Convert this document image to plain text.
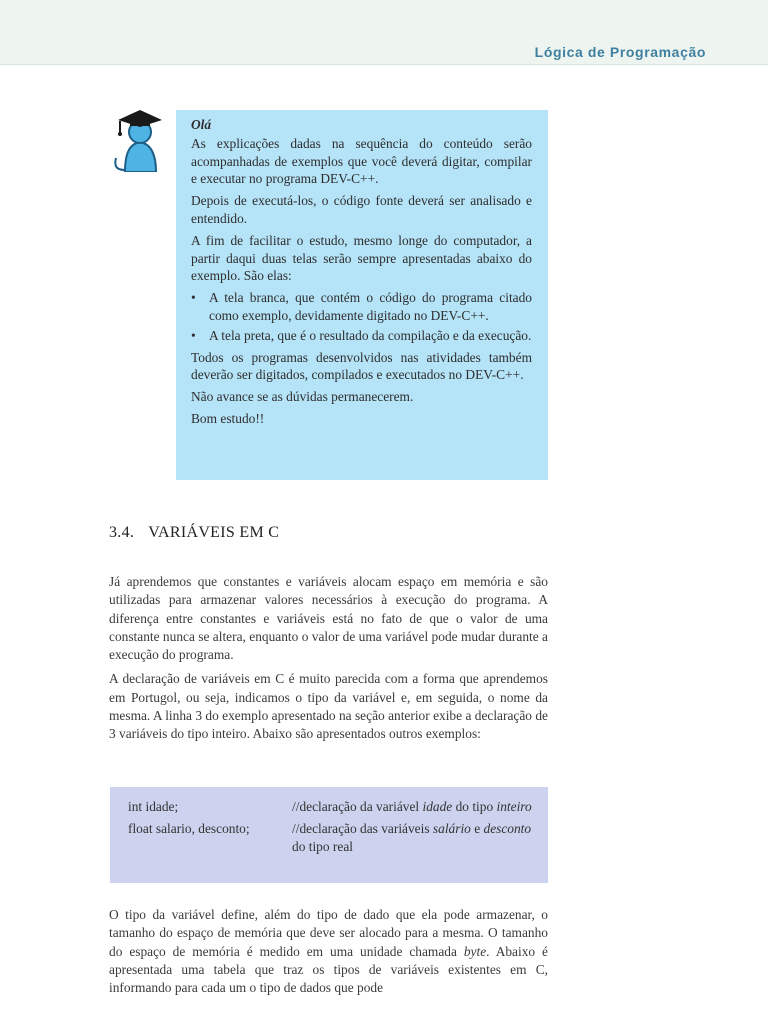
Lógica de Programação

Olá

As explicações dadas na sequência do conteúdo serão acompanhadas de exemplos que você deverá digitar, compilar e executar no programa DEV-C++.

Depois de executá-los, o código fonte deverá ser analisado e entendido.

A fim de facilitar o estudo, mesmo longe do computador, a partir daqui duas telas serão sempre apresentadas abaixo do exemplo. São elas:

• A tela branca, que contém o código do programa citado como exemplo, devidamente digitado no DEV-C++.
• A tela preta, que é o resultado da compilação e da execução.

Todos os programas desenvolvidos nas atividades também deverão ser digitados, compilados e executados no DEV-C++.

Não avance se as dúvidas permanecerem.

Bom estudo!!

3.4. VARIÁVEIS EM C

Já aprendemos que constantes e variáveis alocam espaço em memória e são utilizadas para armazenar valores necessários à execução do programa. A diferença entre constantes e variáveis está no fato de que o valor de uma constante nunca se altera, enquanto o valor de uma variável pode mudar durante a execução do programa.

A declaração de variáveis em C é muito parecida com a forma que aprendemos em Portugol, ou seja, indicamos o tipo da variável e, em seguida, o nome da mesma. A linha 3 do exemplo apresentado na seção anterior exibe a declaração de 3 variáveis do tipo inteiro. Abaixo são apresentados outros exemplos:

int idade;	//declaração da variável idade do tipo inteiro
float salario, desconto;	//declaração das variáveis salário e desconto do tipo real

O tipo da variável define, além do tipo de dado que ela pode armazenar, o tamanho do espaço de memória que deve ser alocado para a mesma. O tamanho do espaço de memória é medido em uma unidade chamada byte. Abaixo é apresentada uma tabela que traz os tipos de variáveis existentes em C, informando para cada um o tipo de dados que pode
